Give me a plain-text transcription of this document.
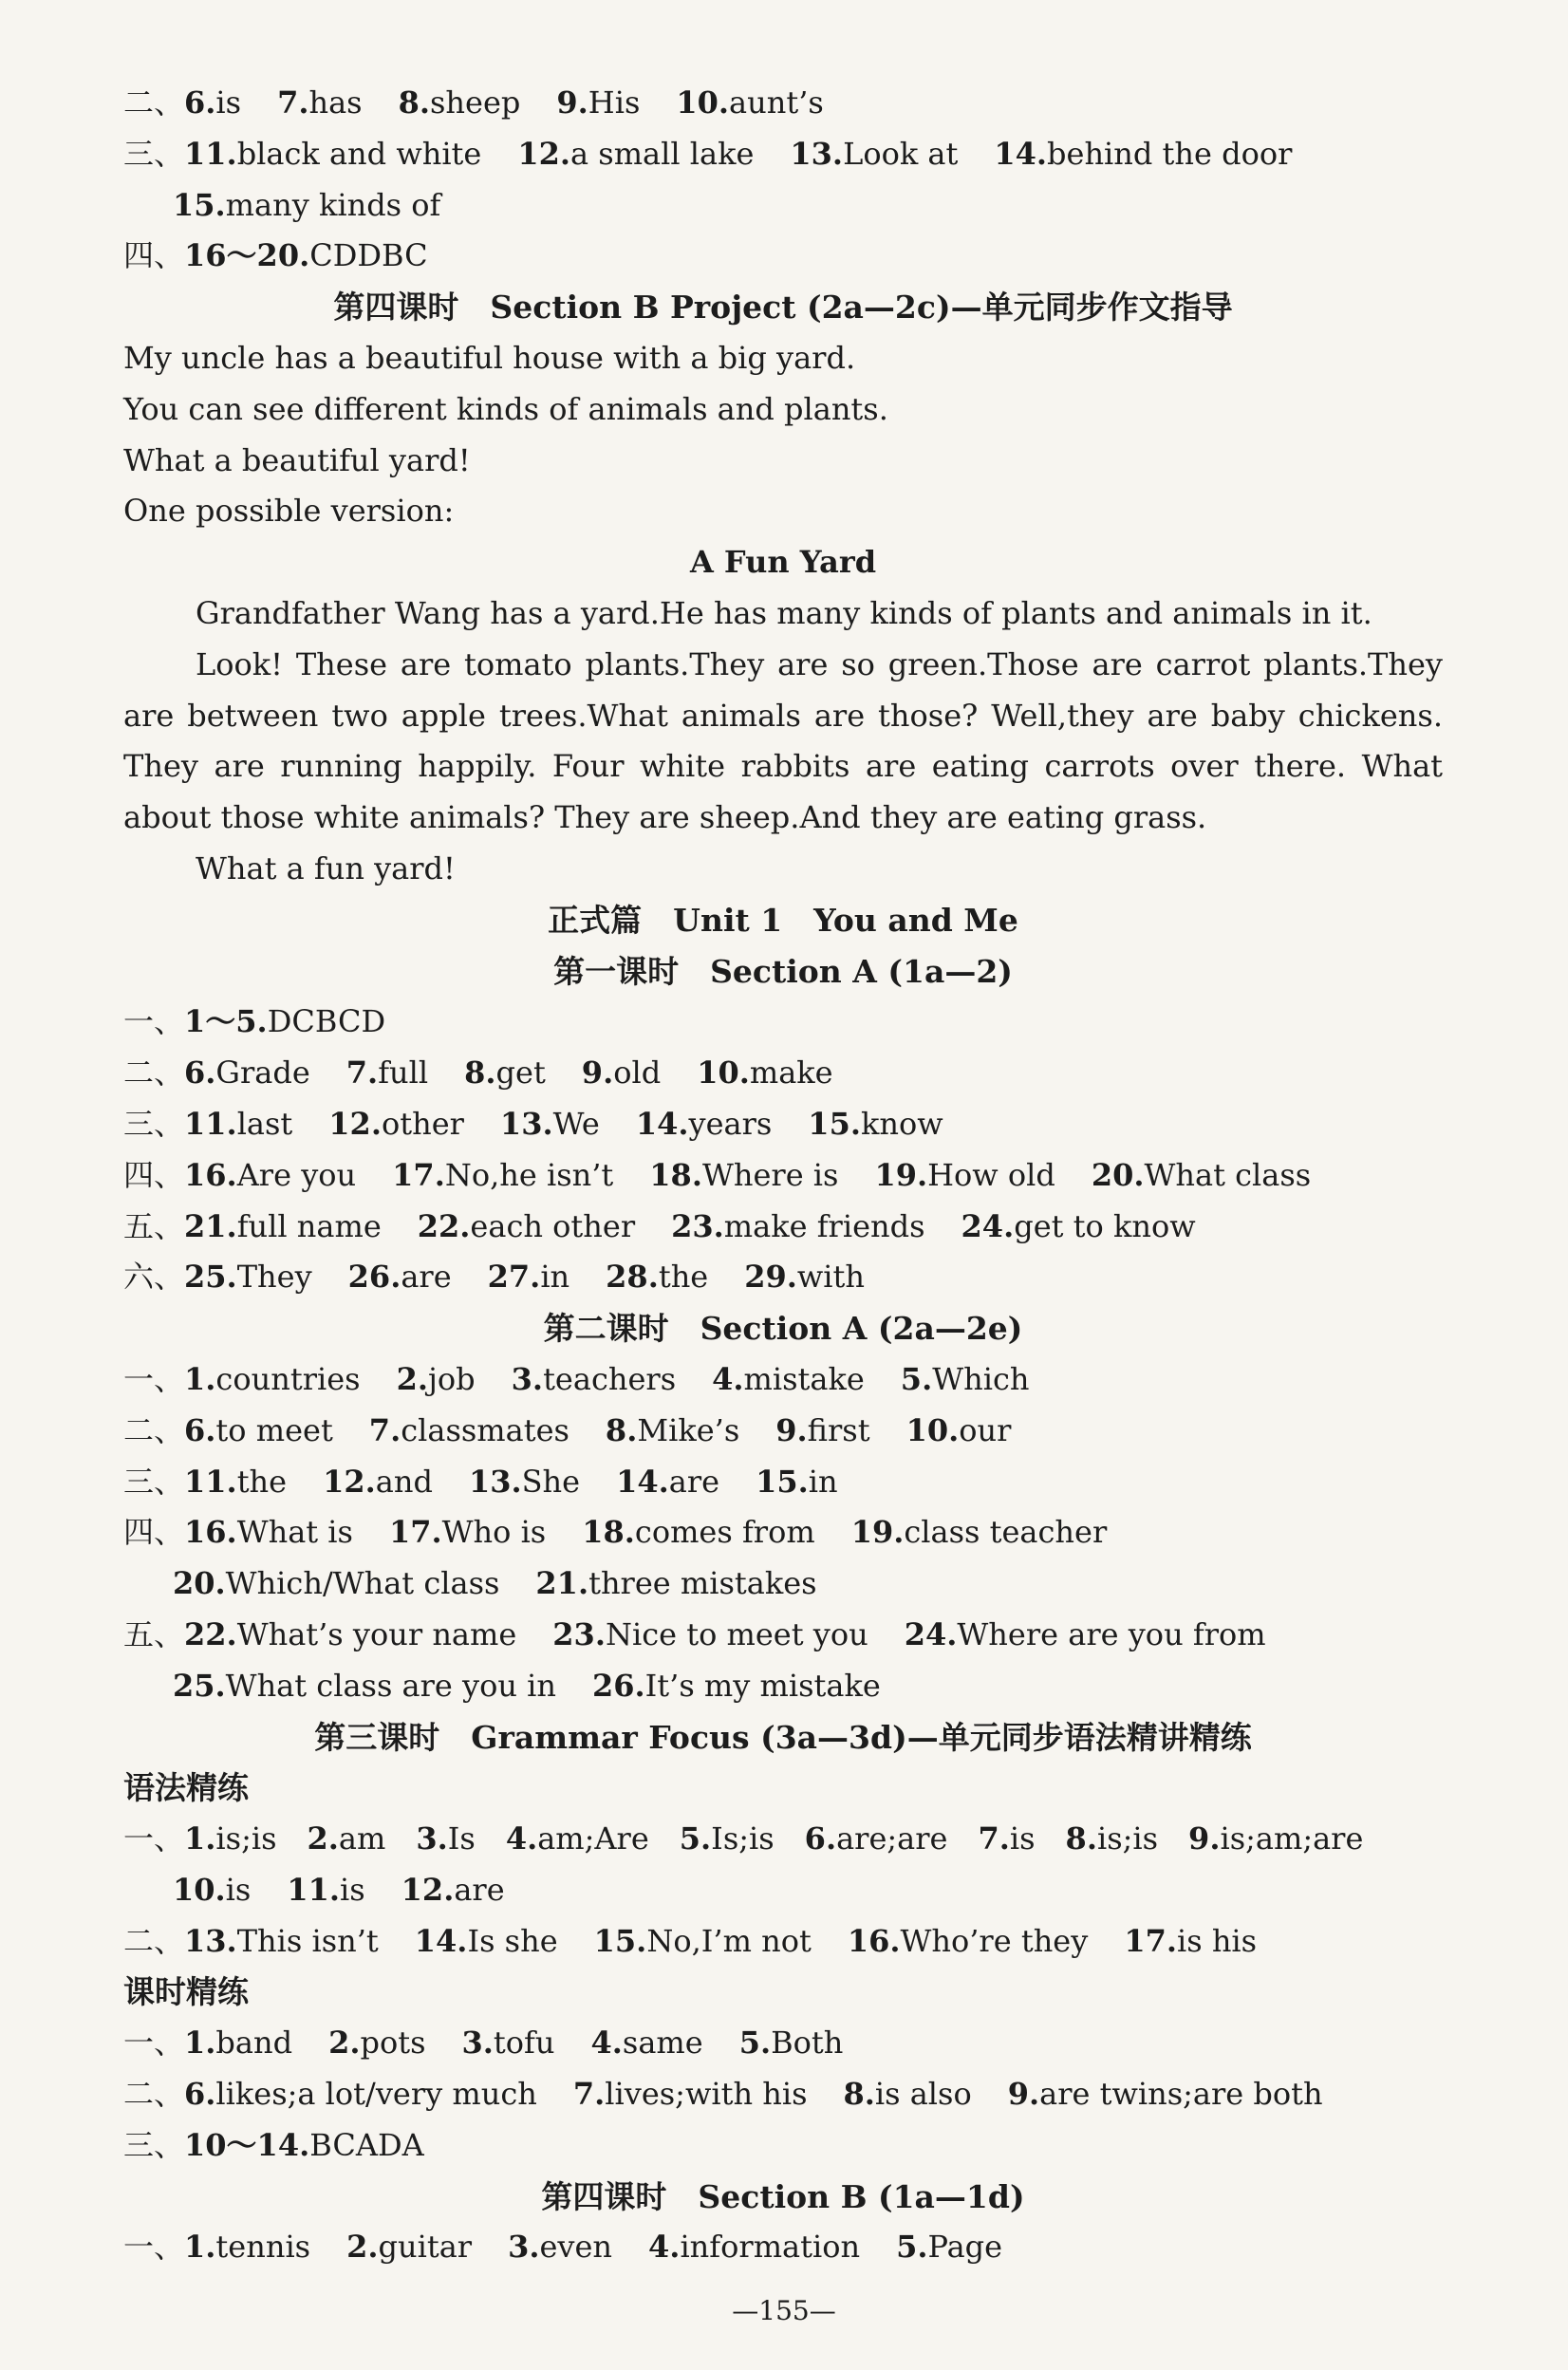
二、6.is 7.has 8.sheep 9.His 10.aunt’s
三、11.black and white 12.a small lake 13.Look at 14.behind the door
15.many kinds of
四、16～20.CDDBC
第四课时　Section B Project (2a—2c)—单元同步作文指导
My uncle has a beautiful house with a big yard.
You can see different kinds of animals and plants.
What a beautiful yard!
One possible version:
A Fun Yard
Grandfather Wang has a yard.He has many kinds of plants and animals in it.
Look! These are tomato plants.They are so green.Those are carrot plants.They
are between two apple trees.What animals are those? Well,they are baby chickens.
They are running happily. Four white rabbits are eating carrots over there. What
about those white animals? They are sheep.And they are eating grass.
What a fun yard!
正式篇　Unit 1　You and Me
第一课时　Section A (1a—2)
一、1～5.DCBCD
二、6.Grade 7.full 8.get 9.old 10.make
三、11.last 12.other 13.We 14.years 15.know
四、16.Are you 17.No,he isn’t 18.Where is 19.How old 20.What class
五、21.full name 22.each other 23.make friends 24.get to know
六、25.They 26.are 27.in 28.the 29.with
第二课时　Section A (2a—2e)
一、1.countries 2.job 3.teachers 4.mistake 5.Which
二、6.to meet 7.classmates 8.Mike’s 9.first 10.our
三、11.the 12.and 13.She 14.are 15.in
四、16.What is 17.Who is 18.comes from 19.class teacher
20.Which/What class 21.three mistakes
五、22.What’s your name 23.Nice to meet you 24.Where are you from
25.What class are you in 26.It’s my mistake
第三课时　Grammar Focus (3a—3d)—单元同步语法精讲精练
语法精练
一、1.is;is 2.am 3.Is 4.am;Are 5.Is;is 6.are;are 7.is 8.is;is 9.is;am;are
10.is 11.is 12.are
二、13.This isn’t 14.Is she 15.No,I’m not 16.Who’re they 17.is his
课时精练
一、1.band 2.pots 3.tofu 4.same 5.Both
二、6.likes;a lot/very much 7.lives;with his 8.is also 9.are twins;are both
三、10～14.BCADA
第四课时　Section B (1a—1d)
一、1.tennis 2.guitar 3.even 4.information 5.Page
—155—
